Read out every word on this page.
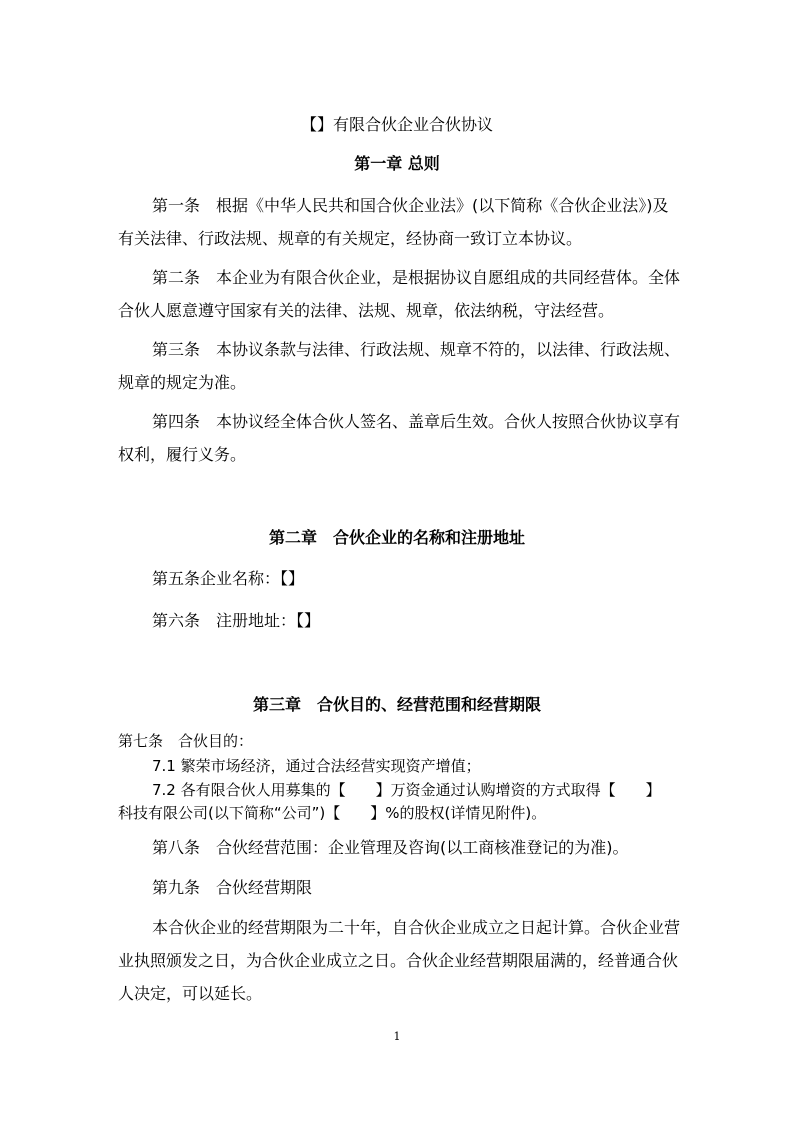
【】有限合伙企业合伙协议
第一章 总则
第一条　根据《中华人民共和国合伙企业法》(以下简称《合伙企业法》)及
有关法律、行政法规、规章的有关规定，经协商一致订立本协议。
第二条　本企业为有限合伙企业，是根据协议自愿组成的共同经营体。全体
合伙人愿意遵守国家有关的法律、法规、规章，依法纳税，守法经营。
第三条　本协议条款与法律、行政法规、规章不符的，以法律、行政法规、
规章的规定为准。
第四条　本协议经全体合伙人签名、盖章后生效。合伙人按照合伙协议享有
权利，履行义务。
第二章　合伙企业的名称和注册地址
第五条企业名称：【】
第六条　注册地址：【】
第三章　合伙目的、经营范围和经营期限
第七条　合伙目的：
7.1 繁荣市场经济，通过合法经营实现资产增值；
7.2 各有限合伙人用募集的【　　】万资金通过认购增资的方式取得【　　】
科技有限公司(以下简称“公司”)【　　】%的股权(详情见附件)。
第八条　合伙经营范围：企业管理及咨询(以工商核准登记的为准)。
第九条　合伙经营期限
本合伙企业的经营期限为二十年，自合伙企业成立之日起计算。合伙企业营
业执照颁发之日，为合伙企业成立之日。合伙企业经营期限届满的，经普通合伙
人决定，可以延长。
1
